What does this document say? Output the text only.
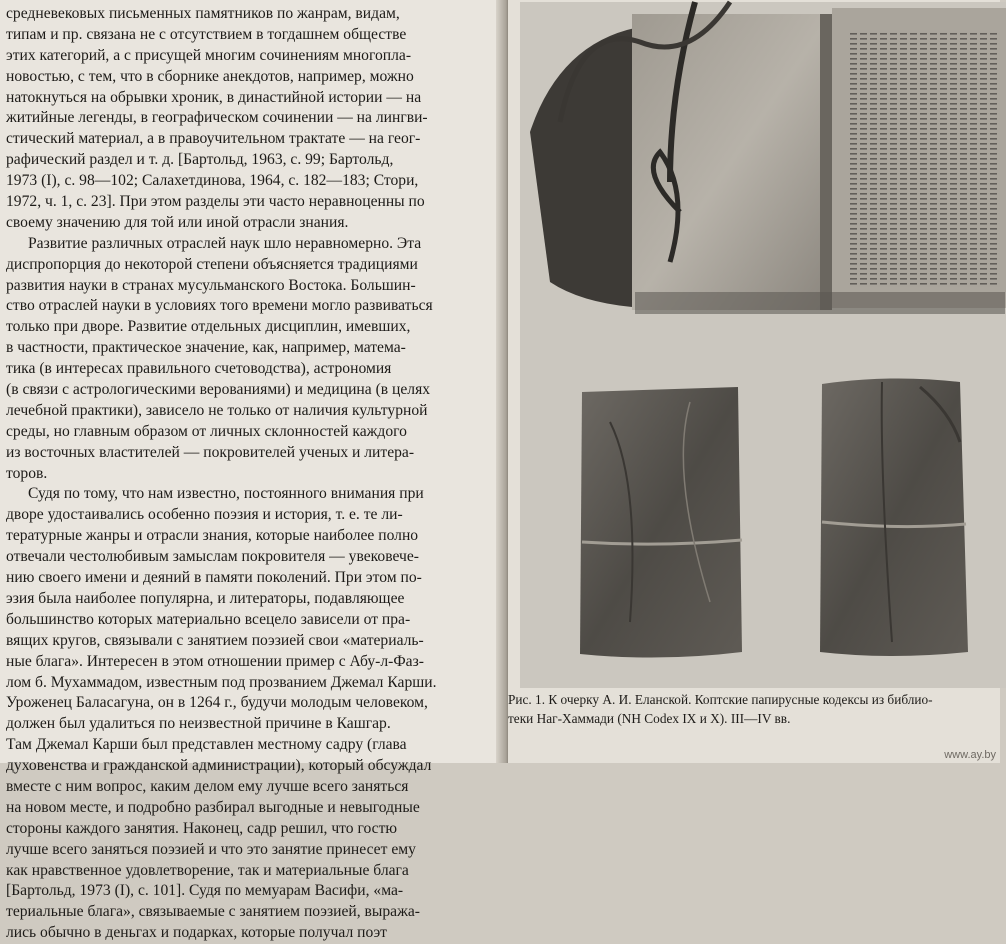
средневековых письменных памятников по жанрам, видам,
типам и пр. связана не с отсутствием в тогдашнем обществе
этих категорий, а с присущей многим сочинениям многопла-
новостью, с тем, что в сборнике анекдотов, например, можно
натокнуться на обрывки хроник, в династийной истории — на
житийные легенды, в географическом сочинении — на лингви-
стический материал, а в правоучительном трактате — на геог-
рафический раздел и т. д. [Бартольд, 1963, с. 99; Бартольд,
1973 (I), с. 98—102; Салахетдинова, 1964, с. 182—183; Стори,
1972, ч. 1, с. 23]. При этом разделы эти часто неравноценны по
своему значению для той или иной отрасли знания.
Развитие различных отраслей наук шло неравномерно. Эта
диспропорция до некоторой степени объясняется традициями
развития науки в странах мусульманского Востока. Большин-
ство отраслей науки в условиях того времени могло развиваться
только при дворе. Развитие отдельных дисциплин, имевших,
в частности, практическое значение, как, например, матема-
тика (в интересах правильного счетоводства), астрономия
(в связи с астрологическими верованиями) и медицина (в целях
лечебной практики), зависело не только от наличия культурной
среды, но главным образом от личных склонностей каждого
из восточных властителей — покровителей ученых и литера-
торов.
Судя по тому, что нам известно, постоянного внимания при
дворе удостаивались особенно поэзия и история, т. е. те ли-
тературные жанры и отрасли знания, которые наиболее полно
отвечали честолюбивым замыслам покровителя — увековече-
нию своего имени и деяний в памяти поколений. При этом по-
эзия была наиболее популярна, и литераторы, подавляющее
большинство которых материально всецело зависели от пра-
вящих кругов, связывали с занятием поэзией свои «материаль-
ные блага». Интересен в этом отношении пример с Абу-л-Фаз-
лом б. Мухаммадом, известным под прозванием Джемал Карши.
Уроженец Баласагуна, он в 1264 г., будучи молодым человеком,
должен был удалиться по неизвестной причине в Кашгар.
Там Джемал Карши был представлен местному садру (глава
духовенства и гражданской администрации), который обсуждал
вместе с ним вопрос, каким делом ему лучше всего заняться
на новом месте, и подробно разбирал выгодные и невыгодные
стороны каждого занятия. Наконец, садр решил, что гостю
лучше всего заняться поэзией и что это занятие принесет ему
как нравственное удовлетворение, так и материальные блага
[Бартольд, 1973 (I), с. 101]. Судя по мемуарам Васифи, «ма-
териальные блага», связываемые с занятием поэзией, выража-
лись обычно в деньгах и подарках, которые получал поэт
Рис. 1. К очерку А. И. Еланской. Коптские папирусные кодексы из библио-
теки Наг-Хаммади (NH Codex IX и X). III—IV вв.
www.ay.by
